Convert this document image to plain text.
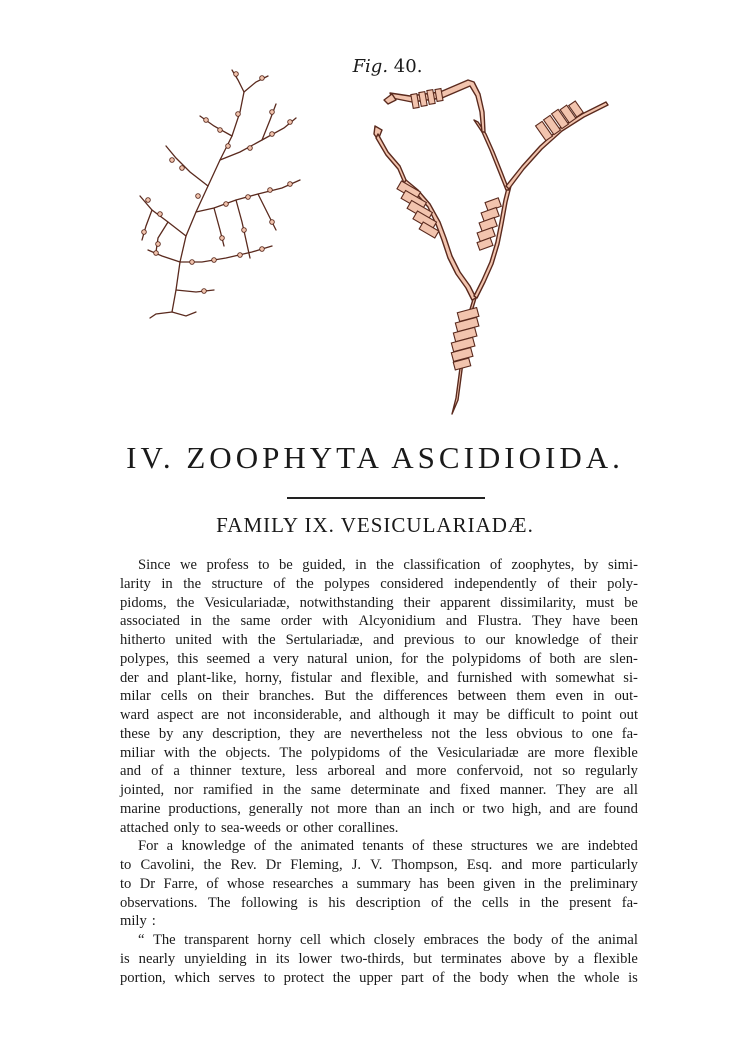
Fig. 40.
IV. ZOOPHYTA ASCIDIOIDA.
FAMILY IX. VESICULARIADÆ.
Since we profess to be guided, in the classification of zoophytes, by simi-
larity in the structure of the polypes considered independently of their poly-
pidoms, the Vesiculariadæ, notwithstanding their apparent dissimilarity, must be
associated in the same order with Alcyonidium and Flustra. They have been
hitherto united with the Sertulariadæ, and previous to our knowledge of their
polypes, this seemed a very natural union, for the polypidoms of both are slen-
der and plant-like, horny, fistular and flexible, and furnished with somewhat si-
milar cells on their branches. But the differences between them even in out-
ward aspect are not inconsiderable, and although it may be difficult to point out
these by any description, they are nevertheless not the less obvious to one fa-
miliar with the objects. The polypidoms of the Vesiculariadæ are more flexible
and of a thinner texture, less arboreal and more confervoid, not so regularly
jointed, nor ramified in the same determinate and fixed manner. They are all
marine productions, generally not more than an inch or two high, and are found
attached only to sea-weeds or other corallines.
For a knowledge of the animated tenants of these structures we are indebted
to Cavolini, the Rev. Dr Fleming, J. V. Thompson, Esq. and more particularly
to Dr Farre, of whose researches a summary has been given in the preliminary
observations. The following is his description of the cells in the present fa-
mily :
“ The transparent horny cell which closely embraces the body of the animal
is nearly unyielding in its lower two-thirds, but terminates above by a flexible
portion, which serves to protect the upper part of the body when the whole is
